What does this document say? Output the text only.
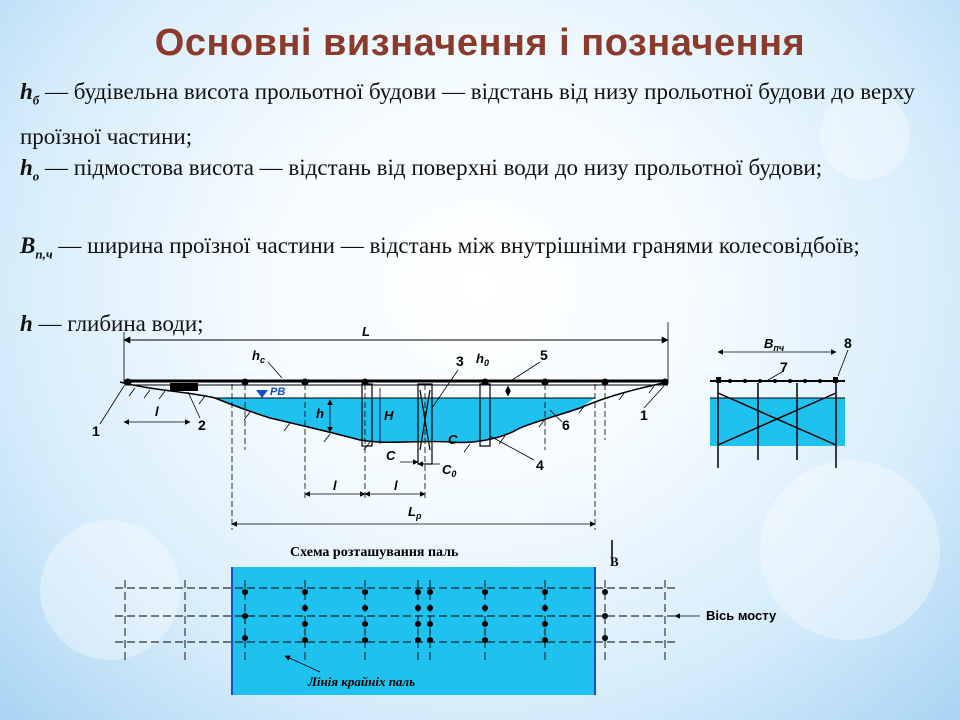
Основні визначення і позначення
$h_б$ — будівельна висота прольотної будови — відстань від низу прольотної будови до верху проїзної частини;
$h_о$ — підмостова висота — відстань від поверхні води до низу прольотної будови;
$B_{п,ч}$ — ширина проїзної частини — відстань між внутрішніми гранями колесовідбоїв;
h — глибина води;
РВ
L
$h_c$	$h_0$
h	H
C
C
$C_0$
l
l	l
$L_p$
1	2
3
4
5
6
1
$B_{пч}$
7
8
Схема розташування паль
B
Вісь мосту
Лінія крайніх паль
